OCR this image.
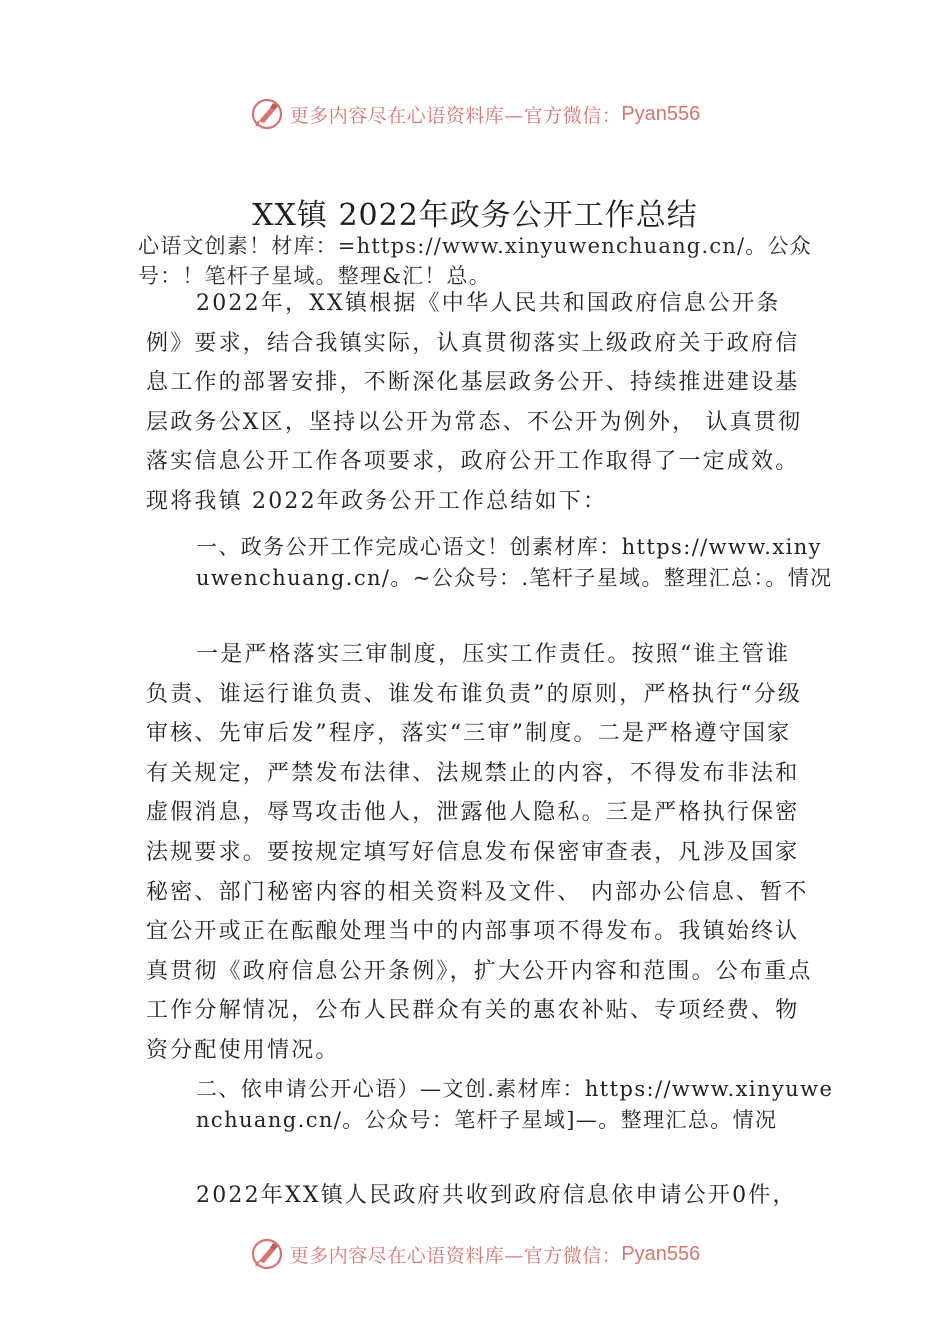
更多内容尽在心语资料库—官方微信： Pyan556
XX镇 2022年政务公开工作总结

心语文创素！材库：=https://www.xinyuwenchuang.cn/。公众号：！笔杆子星域。整理&汇！总。

2022年，XX镇根据《中华人民共和国政府信息公开条例》要求，结合我镇实际，认真贯彻落实上级政府关于政府信息工作的部署安排，不断深化基层政务公开、持续推进建设基层政务公X区，坚持以公开为常态、不公开为例外， 认真贯彻落实信息公开工作各项要求，政府公开工作取得了一定成效。现将我镇 2022年政务公开工作总结如下：

一、政务公开工作完成心语文！创素材库：https://www.xinyuwenchuang.cn/。~公众号：.笔杆子星域。整理汇总：。情况

一是严格落实三审制度，压实工作责任。按照“谁主管谁负责、谁运行谁负责、谁发布谁负责”的原则，严格执行“分级审核、先审后发”程序，落实“三审”制度。二是严格遵守国家有关规定，严禁发布法律、法规禁止的内容，不得发布非法和虚假消息，辱骂攻击他人，泄露他人隐私。三是严格执行保密法规要求。要按规定填写好信息发布保密审查表，凡涉及国家秘密、部门秘密内容的相关资料及文件、 内部办公信息、暂不宜公开或正在酝酿处理当中的内部事项不得发布。我镇始终认真贯彻《政府信息公开条例》，扩大公开内容和范围。公布重点工作分解情况，公布人民群众有关的惠农补贴、专项经费、物资分配使用情况。

二、依申请公开心语）—文创.素材库：https://www.xinyuwenchuang.cn/。公众号：笔杆子星域]—。整理汇总。情况

2022年XX镇人民政府共收到政府信息依申请公开0件，

更多内容尽在心语资料库—官方微信： Pyan556
